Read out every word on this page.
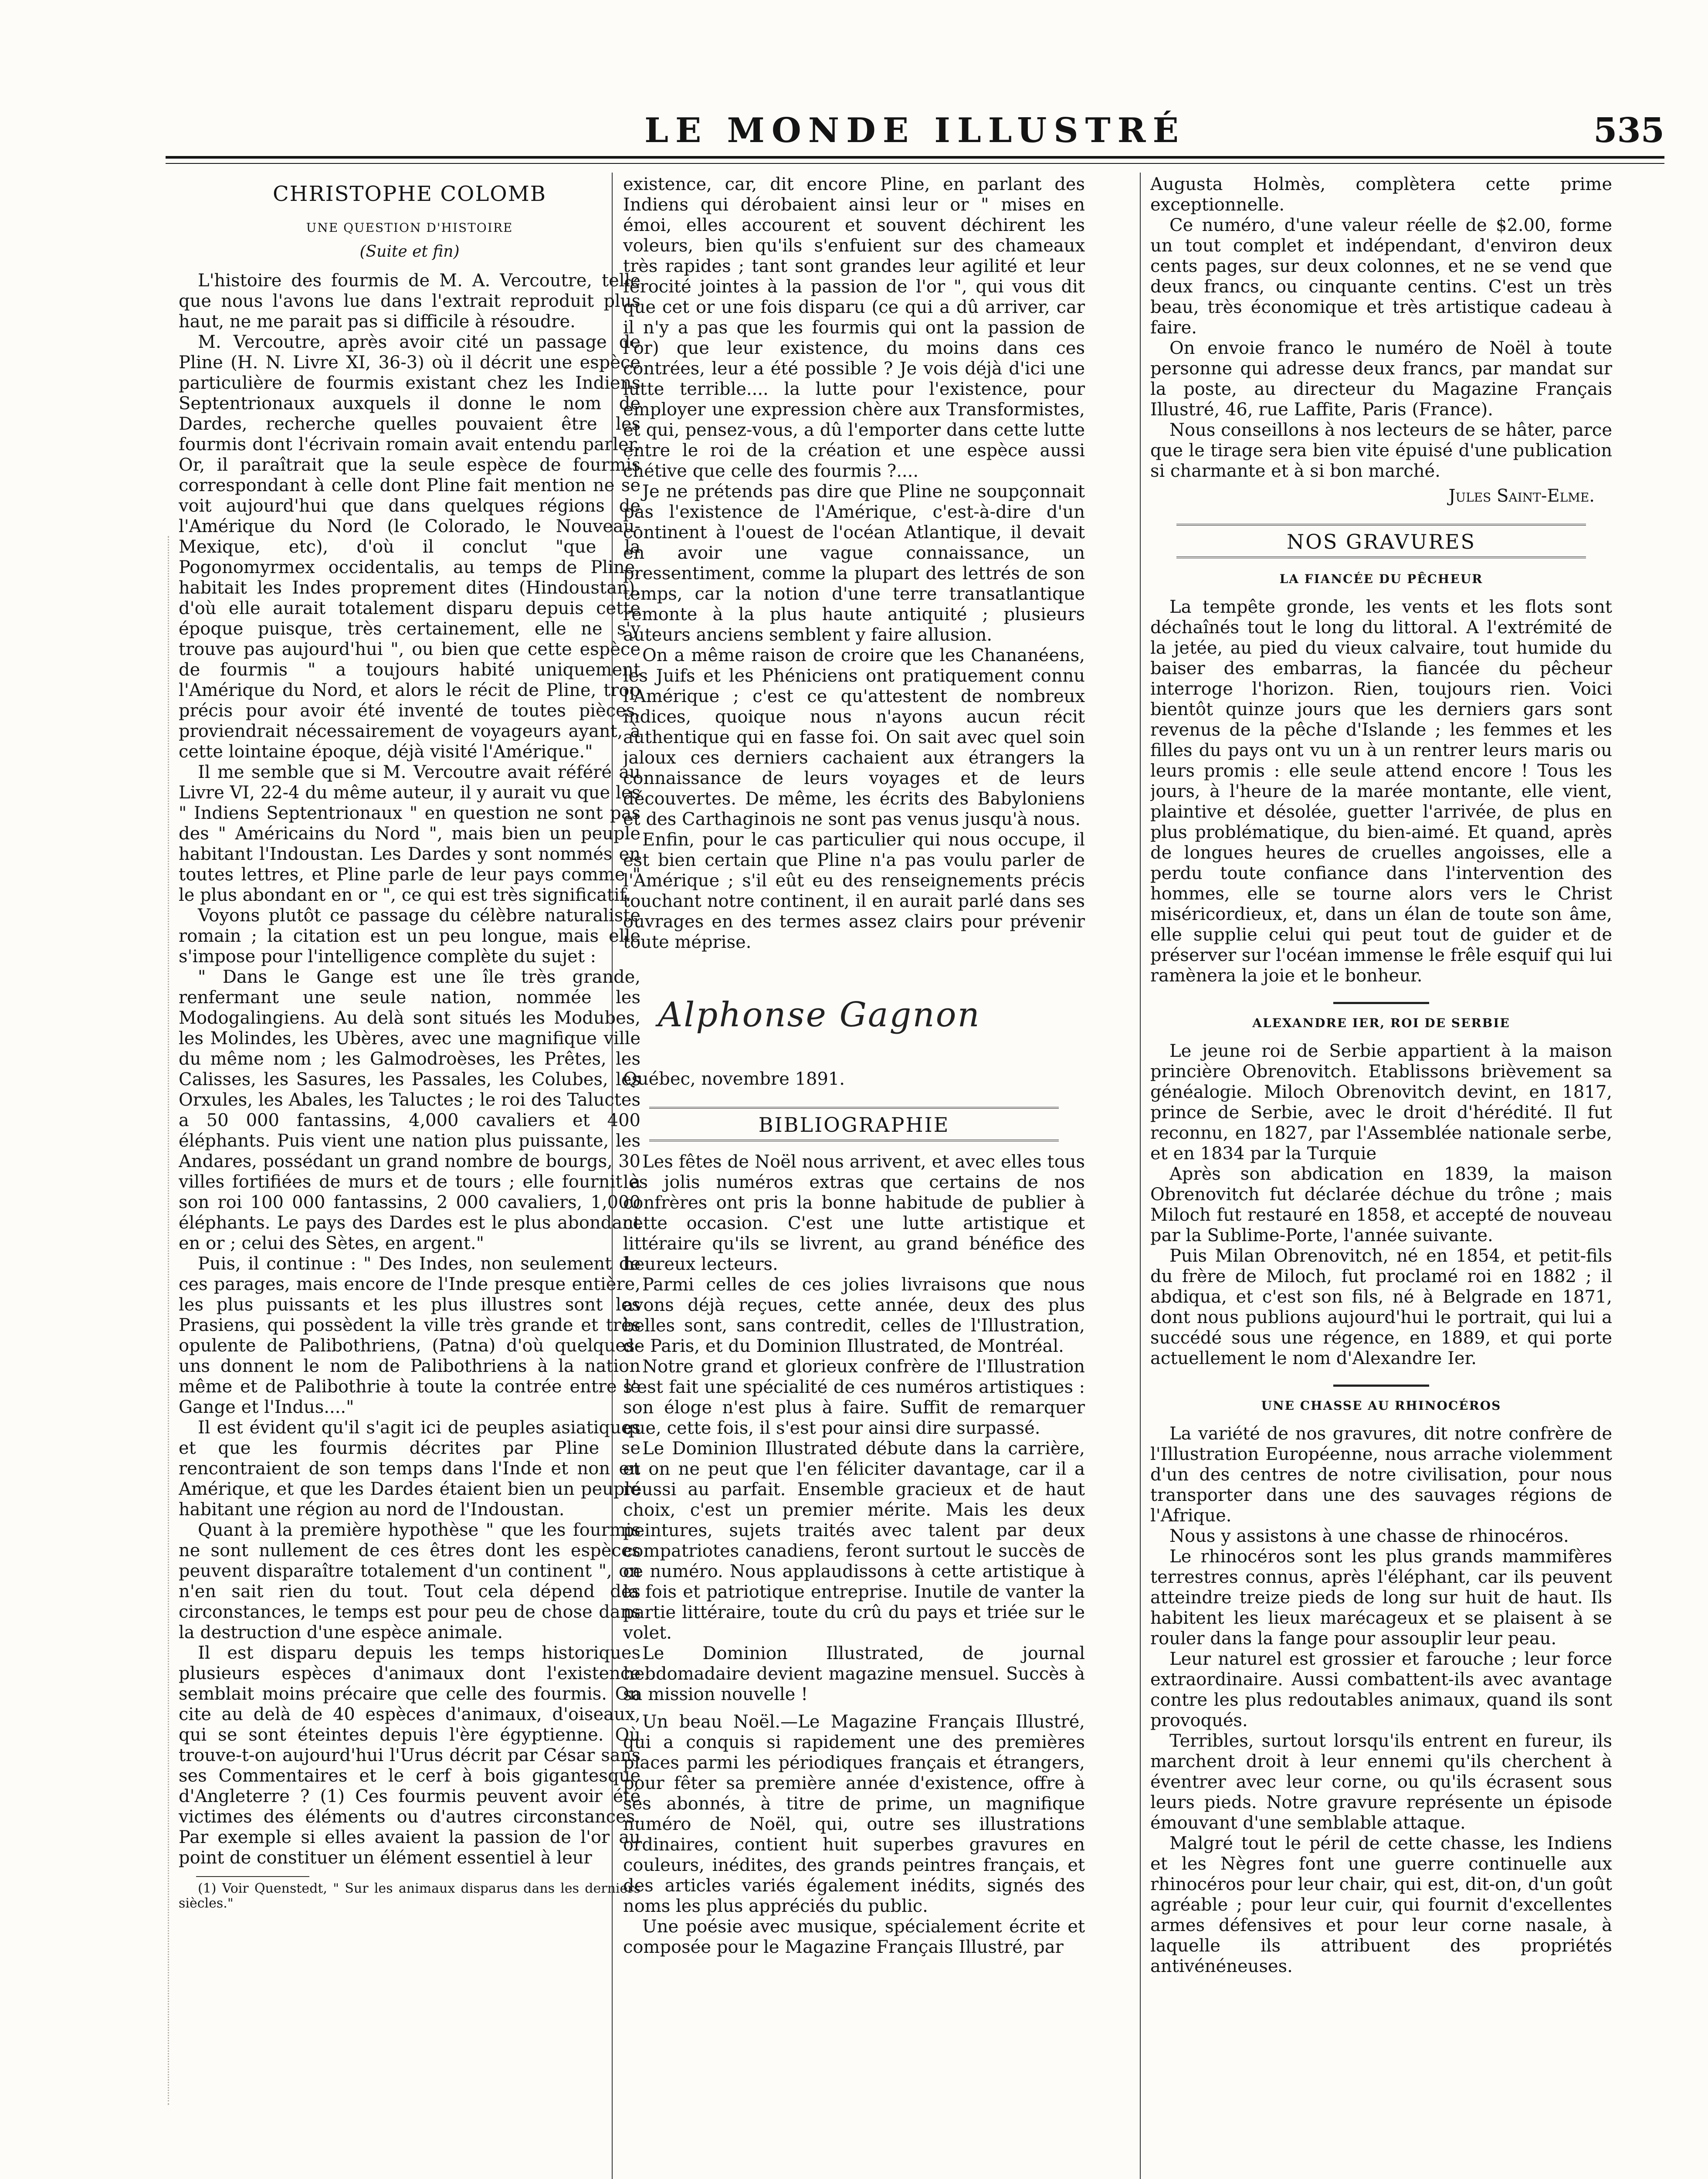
LE MONDE ILLUSTRÉ	535
CHRISTOPHE COLOMB
UNE QUESTION D'HISTOIRE
(Suite et fin)

L'histoire des fourmis de M. A. Vercoutre, telle que nous l'avons lue dans l'extrait reproduit plus haut, ne me parait pas si difficile à résoudre.

M. Vercoutre, après avoir cité un passage de Pline (H. N. Livre XI, 36-3) où il décrit une espèce particulière de fourmis existant chez les Indiens Septentrionaux auxquels il donne le nom de Dardes, recherche quelles pouvaient être les fourmis dont l'écrivain romain avait entendu parler. Or, il paraîtrait que la seule espèce de fourmis correspondant à celle dont Pline fait mention ne se voit aujourd'hui que dans quelques régions de l'Amérique du Nord (le Colorado, le Nouveau-Mexique, etc), d'où il conclut "que la Pogonomyrmex occidentalis, au temps de Pline, habitait les Indes proprement dites (Hindoustan), d'où elle aurait totalement disparu depuis cette époque puisque, très certainement, elle ne s'y trouve pas aujourd'hui ", ou bien que cette espèce de fourmis " a toujours habité uniquement l'Amérique du Nord, et alors le récit de Pline, trop précis pour avoir été inventé de toutes pièces, proviendrait nécessairement de voyageurs ayant, à cette lointaine époque, déjà visité l'Amérique."

Il me semble que si M. Vercoutre avait référé au Livre VI, 22-4 du même auteur, il y aurait vu que les " Indiens Septentrionaux " en question ne sont pas des " Américains du Nord ", mais bien un peuple habitant l'Indoustan. Les Dardes y sont nommés en toutes lettres, et Pline parle de leur pays comme " le plus abondant en or ", ce qui est très significatif.

Voyons plutôt ce passage du célèbre naturaliste romain ; la citation est un peu longue, mais elle s'impose pour l'intelligence complète du sujet :

" Dans le Gange est une île très grande, renfermant une seule nation, nommée les Modogalingiens. Au delà sont situés les Modubes, les Molindes, les Ubères, avec une magnifique ville du même nom ; les Galmodroèses, les Prêtes, les Calisses, les Sasures, les Passales, les Colubes, les Orxules, les Abales, les Taluctes ; le roi des Taluctes a 50 000 fantassins, 4,000 cavaliers et 400 éléphants. Puis vient une nation plus puissante, les Andares, possédant un grand nombre de bourgs, 30 villes fortifiées de murs et de tours ; elle fournit à son roi 100 000 fantassins, 2 000 cavaliers, 1,000 éléphants. Le pays des Dardes est le plus abondant en or ; celui des Sètes, en argent."

Puis, il continue : " Des Indes, non seulement de ces parages, mais encore de l'Inde presque entière, les plus puissants et les plus illustres sont les Prasiens, qui possèdent la ville très grande et très opulente de Palibothriens, (Patna) d'où quelques-uns donnent le nom de Palibothriens à la nation même et de Palibothrie à toute la contrée entre le Gange et l'Indus...."

Il est évident qu'il s'agit ici de peuples asiatiques et que les fourmis décrites par Pline se rencontraient de son temps dans l'Inde et non en Amérique, et que les Dardes étaient bien un peuple habitant une région au nord de l'Indoustan.

Quant à la première hypothèse " que les fourmis ne sont nullement de ces êtres dont les espèces peuvent disparaître totalement d'un continent ", on n'en sait rien du tout. Tout cela dépend des circonstances, le temps est pour peu de chose dans la destruction d'une espèce animale.

Il est disparu depuis les temps historiques plusieurs espèces d'animaux dont l'existence semblait moins précaire que celle des fourmis. On cite au delà de 40 espèces d'animaux, d'oiseaux, qui se sont éteintes depuis l'ère égyptienne. Où trouve-t-on aujourd'hui l'Urus décrit par César sans ses Commentaires et le cerf à bois gigantesque d'Angleterre ? (1) Ces fourmis peuvent avoir été victimes des éléments ou d'autres circonstances. Par exemple si elles avaient la passion de l'or au point de constituer un élément essentiel à leur

(1) Voir Quenstedt, " Sur les animaux disparus dans les derniers siècles."

existence, car, dit encore Pline, en parlant des Indiens qui dérobaient ainsi leur or " mises en émoi, elles accourent et souvent déchirent les voleurs, bien qu'ils s'enfuient sur des chameaux très rapides ; tant sont grandes leur agilité et leur férocité jointes à la passion de l'or ", qui vous dit que cet or une fois disparu (ce qui a dû arriver, car il n'y a pas que les fourmis qui ont la passion de l'or) que leur existence, du moins dans ces contrées, leur a été possible ? Je vois déjà d'ici une lutte terrible.... la lutte pour l'existence, pour employer une expression chère aux Transformistes, et qui, pensez-vous, a dû l'emporter dans cette lutte entre le roi de la création et une espèce aussi chétive que celle des fourmis ?....

Je ne prétends pas dire que Pline ne soupçonnait pas l'existence de l'Amérique, c'est-à-dire d'un continent à l'ouest de l'océan Atlantique, il devait en avoir une vague connaissance, un pressentiment, comme la plupart des lettrés de son temps, car la notion d'une terre transatlantique remonte à la plus haute antiquité ; plusieurs auteurs anciens semblent y faire allusion.

On a même raison de croire que les Chananéens, les Juifs et les Phéniciens ont pratiquement connu l'Amérique ; c'est ce qu'attestent de nombreux indices, quoique nous n'ayons aucun récit authentique qui en fasse foi. On sait avec quel soin jaloux ces derniers cachaient aux étrangers la connaissance de leurs voyages et de leurs découvertes. De même, les écrits des Babyloniens et des Carthaginois ne sont pas venus jusqu'à nous.

Enfin, pour le cas particulier qui nous occupe, il est bien certain que Pline n'a pas voulu parler de l'Amérique ; s'il eût eu des renseignements précis touchant notre continent, il en aurait parlé dans ses ouvrages en des termes assez clairs pour prévenir toute méprise.

Alphonse Gagnon

Québec, novembre 1891.

BIBLIOGRAPHIE

Les fêtes de Noël nous arrivent, et avec elles tous les jolis numéros extras que certains de nos confrères ont pris la bonne habitude de publier à cette occasion. C'est une lutte artistique et littéraire qu'ils se livrent, au grand bénéfice des heureux lecteurs.

Parmi celles de ces jolies livraisons que nous avons déjà reçues, cette année, deux des plus belles sont, sans contredit, celles de l'Illustration, de Paris, et du Dominion Illustrated, de Montréal.

Notre grand et glorieux confrère de l'Illustration s'est fait une spécialité de ces numéros artistiques : son éloge n'est plus à faire. Suffit de remarquer que, cette fois, il s'est pour ainsi dire surpassé.

Le Dominion Illustrated débute dans la carrière, et on ne peut que l'en féliciter davantage, car il a réussi au parfait. Ensemble gracieux et de haut choix, c'est un premier mérite. Mais les deux peintures, sujets traités avec talent par deux compatriotes canadiens, feront surtout le succès de ce numéro. Nous applaudissons à cette artistique à la fois et patriotique entreprise. Inutile de vanter la partie littéraire, toute du crû du pays et triée sur le volet.

Le Dominion Illustrated, de journal hebdomadaire devient magazine mensuel. Succès à sa mission nouvelle !

Un beau Noël.—Le Magazine Français Illustré, qui a conquis si rapidement une des premières places parmi les périodiques français et étrangers, pour fêter sa première année d'existence, offre à ses abonnés, à titre de prime, un magnifique numéro de Noël, qui, outre ses illustrations ordinaires, contient huit superbes gravures en couleurs, inédites, des grands peintres français, et des articles variés également inédits, signés des noms les plus appréciés du public.

Une poésie avec musique, spécialement écrite et composée pour le Magazine Français Illustré, par

Augusta Holmès, complètera cette prime exceptionnelle.

Ce numéro, d'une valeur réelle de $2.00, forme un tout complet et indépendant, d'environ deux cents pages, sur deux colonnes, et ne se vend que deux francs, ou cinquante centins. C'est un très beau, très économique et très artistique cadeau à faire.

On envoie franco le numéro de Noël à toute personne qui adresse deux francs, par mandat sur la poste, au directeur du Magazine Français Illustré, 46, rue Laffite, Paris (France).

Nous conseillons à nos lecteurs de se hâter, parce que le tirage sera bien vite épuisé d'une publication si charmante et à si bon marché.

Jules Saint-Elme.
NOS GRAVURES
LA FIANCÉE DU PÊCHEUR

La tempête gronde, les vents et les flots sont déchaînés tout le long du littoral. A l'extrémité de la jetée, au pied du vieux calvaire, tout humide du baiser des embarras, la fiancée du pêcheur interroge l'horizon. Rien, toujours rien. Voici bientôt quinze jours que les derniers gars sont revenus de la pêche d'Islande ; les femmes et les filles du pays ont vu un à un rentrer leurs maris ou leurs promis : elle seule attend encore ! Tous les jours, à l'heure de la marée montante, elle vient, plaintive et désolée, guetter l'arrivée, de plus en plus problématique, du bien-aimé. Et quand, après de longues heures de cruelles angoisses, elle a perdu toute confiance dans l'intervention des hommes, elle se tourne alors vers le Christ miséricordieux, et, dans un élan de toute son âme, elle supplie celui qui peut tout de guider et de préserver sur l'océan immense le frêle esquif qui lui ramènera la joie et le bonheur.

ALEXANDRE IER, ROI DE SERBIE

Le jeune roi de Serbie appartient à la maison princière Obrenovitch. Etablissons brièvement sa généalogie. Miloch Obrenovitch devint, en 1817, prince de Serbie, avec le droit d'hérédité. Il fut reconnu, en 1827, par l'Assemblée nationale serbe, et en 1834 par la Turquie

Après son abdication en 1839, la maison Obrenovitch fut déclarée déchue du trône ; mais Miloch fut restauré en 1858, et accepté de nouveau par la Sublime-Porte, l'année suivante.

Puis Milan Obrenovitch, né en 1854, et petit-fils du frère de Miloch, fut proclamé roi en 1882 ; il abdiqua, et c'est son fils, né à Belgrade en 1871, dont nous publions aujourd'hui le portrait, qui lui a succédé sous une régence, en 1889, et qui porte actuellement le nom d'Alexandre Ier.

UNE CHASSE AU RHINOCÉROS

La variété de nos gravures, dit notre confrère de l'Illustration Européenne, nous arrache violemment d'un des centres de notre civilisation, pour nous transporter dans une des sauvages régions de l'Afrique.

Nous y assistons à une chasse de rhinocéros.

Le rhinocéros sont les plus grands mammifères terrestres connus, après l'éléphant, car ils peuvent atteindre treize pieds de long sur huit de haut. Ils habitent les lieux marécageux et se plaisent à se rouler dans la fange pour assouplir leur peau.

Leur naturel est grossier et farouche ; leur force extraordinaire. Aussi combattent-ils avec avantage contre les plus redoutables animaux, quand ils sont provoqués.

Terribles, surtout lorsqu'ils entrent en fureur, ils marchent droit à leur ennemi qu'ils cherchent à éventrer avec leur corne, ou qu'ils écrasent sous leurs pieds. Notre gravure représente un épisode émouvant d'une semblable attaque.

Malgré tout le péril de cette chasse, les Indiens et les Nègres font une guerre continuelle aux rhinocéros pour leur chair, qui est, dit-on, d'un goût agréable ; pour leur cuir, qui fournit d'excellentes armes défensives et pour leur corne nasale, à laquelle ils attribuent des propriétés antivénéneuses.
